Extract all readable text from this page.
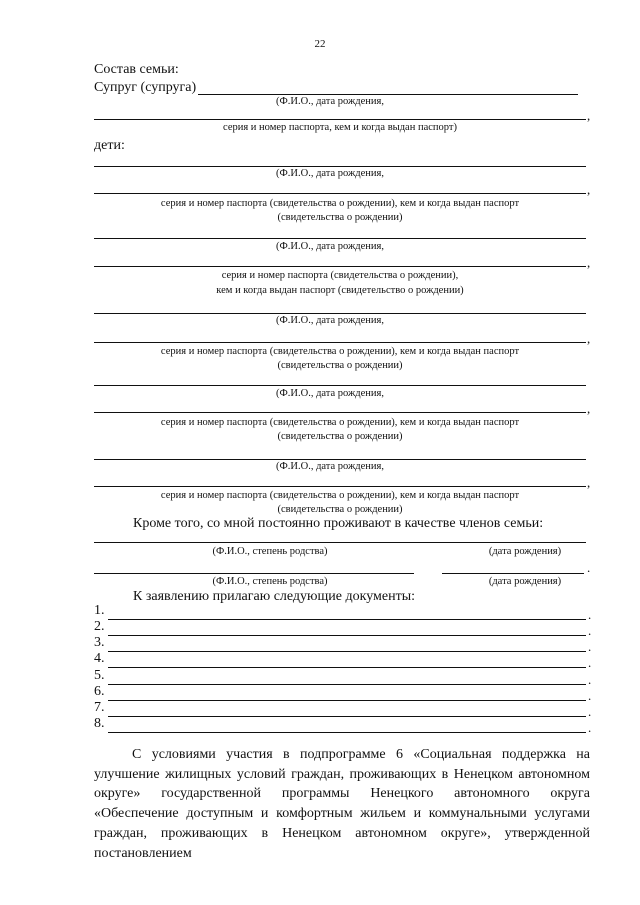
22
Состав семьи:
Супруг (супруга)
(Ф.И.О., дата рождения,
,
серия и номер паспорта, кем и когда выдан паспорт)
дети:
(Ф.И.О., дата рождения,
,
серия и номер паспорта (свидетельства о рождении), кем и когда выдан паспорт
(свидетельства о рождении)
(Ф.И.О., дата рождения,
,
серия и номер паспорта (свидетельства о рождении),
кем и когда выдан паспорт (свидетельство о рождении)
(Ф.И.О., дата рождения,
,
серия и номер паспорта (свидетельства о рождении), кем и когда выдан паспорт
(свидетельства о рождении)
(Ф.И.О., дата рождения,
,
серия и номер паспорта (свидетельства о рождении), кем и когда выдан паспорт
(свидетельства о рождении)
(Ф.И.О., дата рождения,
,
серия и номер паспорта (свидетельства о рождении), кем и когда выдан паспорт
(свидетельства о рождении)
Кроме того, со мной постоянно проживают в качестве членов семьи:
(Ф.И.О., степень родства)	(дата рождения)
.
(Ф.И.О., степень родства)	(дата рождения)
К заявлению прилагаю следующие документы:
1.	.
2.	.
3.	.
4.	.
5.	.
6.	.
7.	.
8.	.
С условиями участия в подпрограмме 6 «Социальная поддержка на улучшение жилищных условий граждан, проживающих в Ненецком автономном округе» государственной программы Ненецкого автономного округа «Обеспечение доступным и комфортным жильем и коммунальными услугами граждан, проживающих в Ненецком автономном округе», утвержденной постановлением
